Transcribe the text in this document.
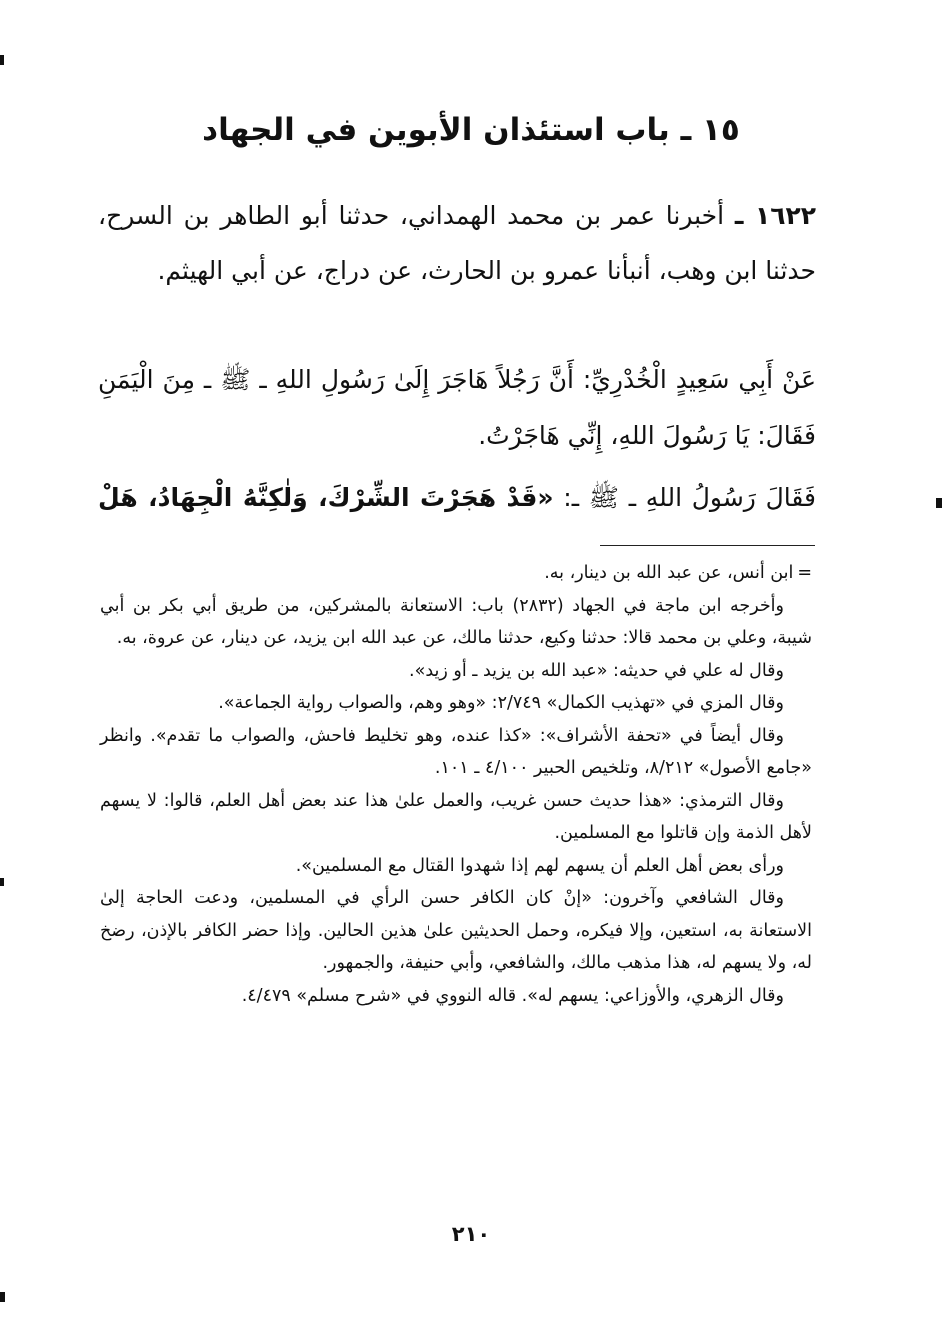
١٥ ـ باب استئذان الأبوين في الجهاد

١٦٢٢ ـ أخبرنا عمر بن محمد الهمداني، حدثنا أبو الطاهر بن السرح، حدثنا ابن وهب، أنبأنا عمرو بن الحارث، عن دراج، عن أبي الهيثم.

عَنْ أَبِي سَعِيدٍ الْخُدْرِيِّ: أَنَّ رَجُلاً هَاجَرَ إِلَىٰ رَسُولِ اللهِ ـ ﷺ ـ مِنَ الْيَمَنِ فَقَالَ: يَا رَسُولَ اللهِ، إِنِّي هَاجَرْتُ.

فَقَالَ رَسُولُ اللهِ ـ ﷺ ـ: «قَدْ هَجَرْتَ الشِّرْكَ، وَلٰكِنَّهُ الْجِهَادُ، هَلْ

=ابن أنس، عن عبد الله بن دينار، به.

وأخرجه ابن ماجة في الجهاد (٢٨٣٢) باب: الاستعانة بالمشركين، من طريق أبي بكر بن أبي شيبة، وعلي بن محمد قالا: حدثنا وكيع، حدثنا مالك، عن عبد الله ابن يزيد، عن دينار، عن عروة، به.

وقال له علي في حديثه: «عبد الله بن يزيد ـ أو زيد».

وقال المزي في «تهذيب الكمال» ٢/٧٤٩: «وهو وهم، والصواب رواية الجماعة».

وقال أيضاً في «تحفة الأشراف»: «كذا عنده، وهو تخليط فاحش، والصواب ما تقدم». وانظر «جامع الأصول» ٨/٢١٢، وتلخيص الحبير ٤/١٠٠ ـ ١٠١.

وقال الترمذي: «هذا حديث حسن غريب، والعمل علىٰ هذا عند بعض أهل العلم، قالوا: لا يسهم لأهل الذمة وإن قاتلوا مع المسلمين.

ورأى بعض أهل العلم أن يسهم لهم إذا شهدوا القتال مع المسلمين».

وقال الشافعي وآخرون: «إنْ كان الكافر حسن الرأي في المسلمين، ودعت الحاجة إلىٰ الاستعانة به، استعين، وإلا فيكره، وحمل الحديثين علىٰ هذين الحالين. وإذا حضر الكافر بالإذن، رضخ له، ولا يسهم له، هذا مذهب مالك، والشافعي، وأبي حنيفة، والجمهور.

وقال الزهري، والأوزاعي: يسهم له». قاله النووي في «شرح مسلم» ٤/٤٧٩.

٢١٠
